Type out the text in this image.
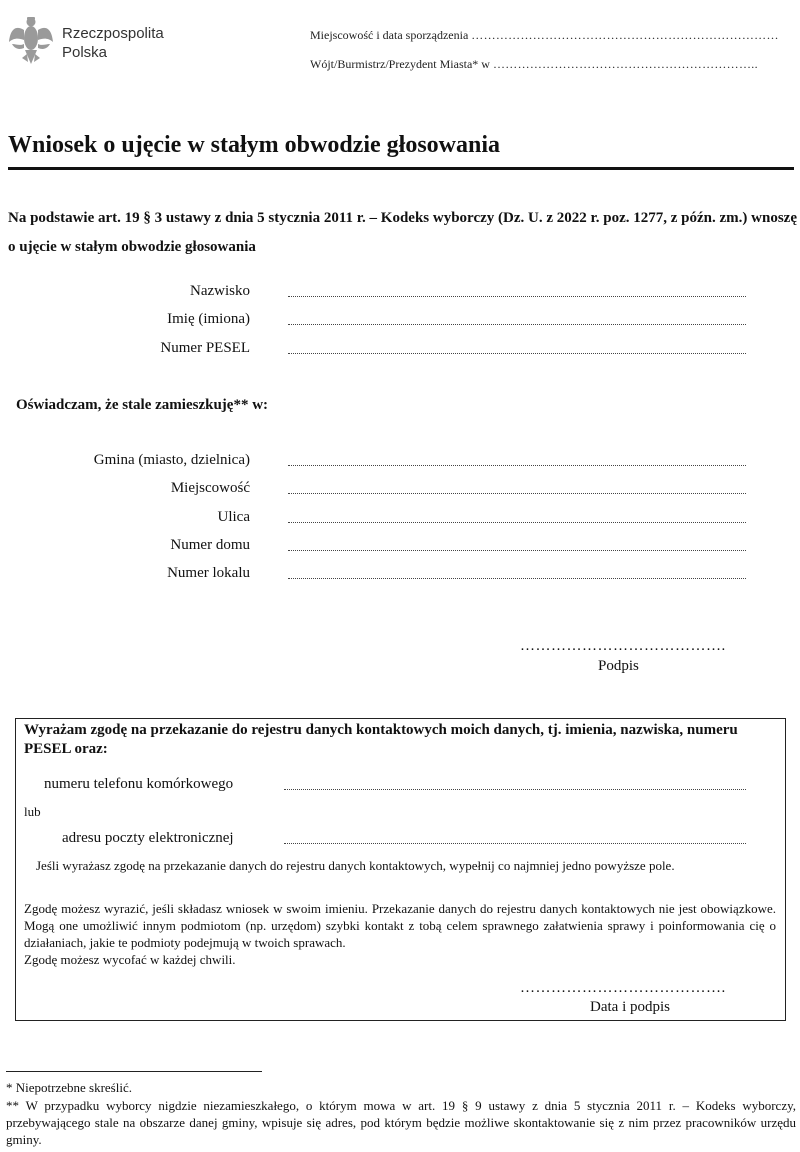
Rzeczpospolita
Polska
Miejscowość i data sporządzenia …………………………………………………………………
Wójt/Burmistrz/Prezydent Miasta* w ………………………………………………………..
Wniosek o ujęcie w stałym obwodzie głosowania
Na podstawie art. 19 § 3 ustawy z dnia 5 stycznia 2011 r. – Kodeks wyborczy (Dz. U. z 2022 r. poz. 1277, z późn. zm.) wnoszę o ujęcie w stałym obwodzie głosowania
Nazwisko
Imię (imiona)
Numer PESEL
Oświadczam, że stale zamieszkuję** w:
Gmina (miasto, dzielnica)
Miejscowość
Ulica
Numer domu
Numer lokalu
………………………………….
Podpis
Wyrażam zgodę na przekazanie do rejestru danych kontaktowych moich danych, tj. imienia, nazwiska, numeru PESEL oraz:
numeru telefonu komórkowego
lub
adresu poczty elektronicznej
Jeśli wyrażasz zgodę na przekazanie danych do rejestru danych kontaktowych, wypełnij co najmniej jedno powyższe pole.
Zgodę możesz wyrazić, jeśli składasz wniosek w swoim imieniu. Przekazanie danych do rejestru danych kontaktowych nie jest obowiązkowe. Mogą one umożliwić innym podmiotom (np. urzędom) szybki kontakt z tobą celem sprawnego załatwienia sprawy i poinformowania cię o działaniach, jakie te podmioty podejmują w twoich sprawach.
Zgodę możesz wycofać w każdej chwili.
………………………………….
Data i podpis
* Niepotrzebne skreślić.
** W przypadku wyborcy nigdzie niezamieszkałego, o którym mowa w art. 19 § 9 ustawy z dnia 5 stycznia 2011 r. – Kodeks wyborczy, przebywającego stale na obszarze danej gminy, wpisuje się adres, pod którym będzie możliwe skontaktowanie się z nim przez pracowników urzędu gminy.
